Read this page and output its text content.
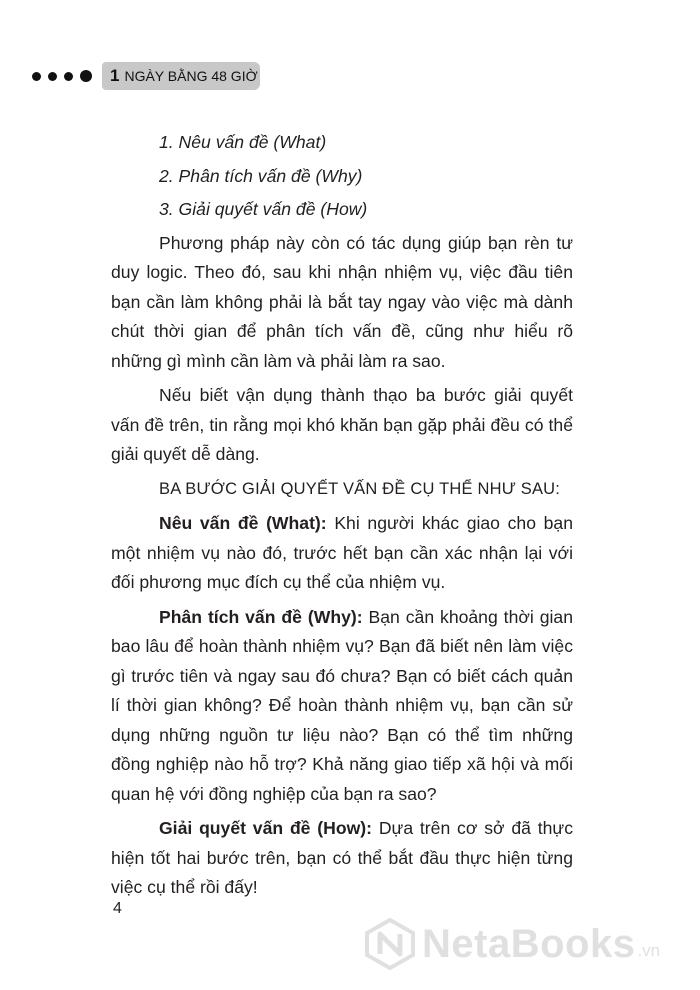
1 NGÀY BẰNG 48 GIỜ

1. Nêu vấn đề (What)

2. Phân tích vấn đề (Why)

3. Giải quyết vấn đề (How)

Phương pháp này còn có tác dụng giúp bạn rèn tư duy logic. Theo đó, sau khi nhận nhiệm vụ, việc đầu tiên bạn cần làm không phải là bắt tay ngay vào việc mà dành chút thời gian để phân tích vấn đề, cũng như hiểu rõ những gì mình cần làm và phải làm ra sao.

Nếu biết vận dụng thành thạo ba bước giải quyết vấn đề trên, tin rằng mọi khó khăn bạn gặp phải đều có thể giải quyết dễ dàng.

BA BƯỚC GIẢI QUYẾT VẤN ĐỀ CỤ THỂ NHƯ SAU:

Nêu vấn đề (What): Khi người khác giao cho bạn một nhiệm vụ nào đó, trước hết bạn cần xác nhận lại với đối phương mục đích cụ thể của nhiệm vụ.

Phân tích vấn đề (Why): Bạn cần khoảng thời gian bao lâu để hoàn thành nhiệm vụ? Bạn đã biết nên làm việc gì trước tiên và ngay sau đó chưa? Bạn có biết cách quản lí thời gian không? Để hoàn thành nhiệm vụ, bạn cần sử dụng những nguồn tư liệu nào? Bạn có thể tìm những đồng nghiệp nào hỗ trợ? Khả năng giao tiếp xã hội và mối quan hệ với đồng nghiệp của bạn ra sao?

Giải quyết vấn đề (How): Dựa trên cơ sở đã thực hiện tốt hai bước trên, bạn có thể bắt đầu thực hiện từng việc cụ thể rồi đấy!

4
NetaBooks .vn
